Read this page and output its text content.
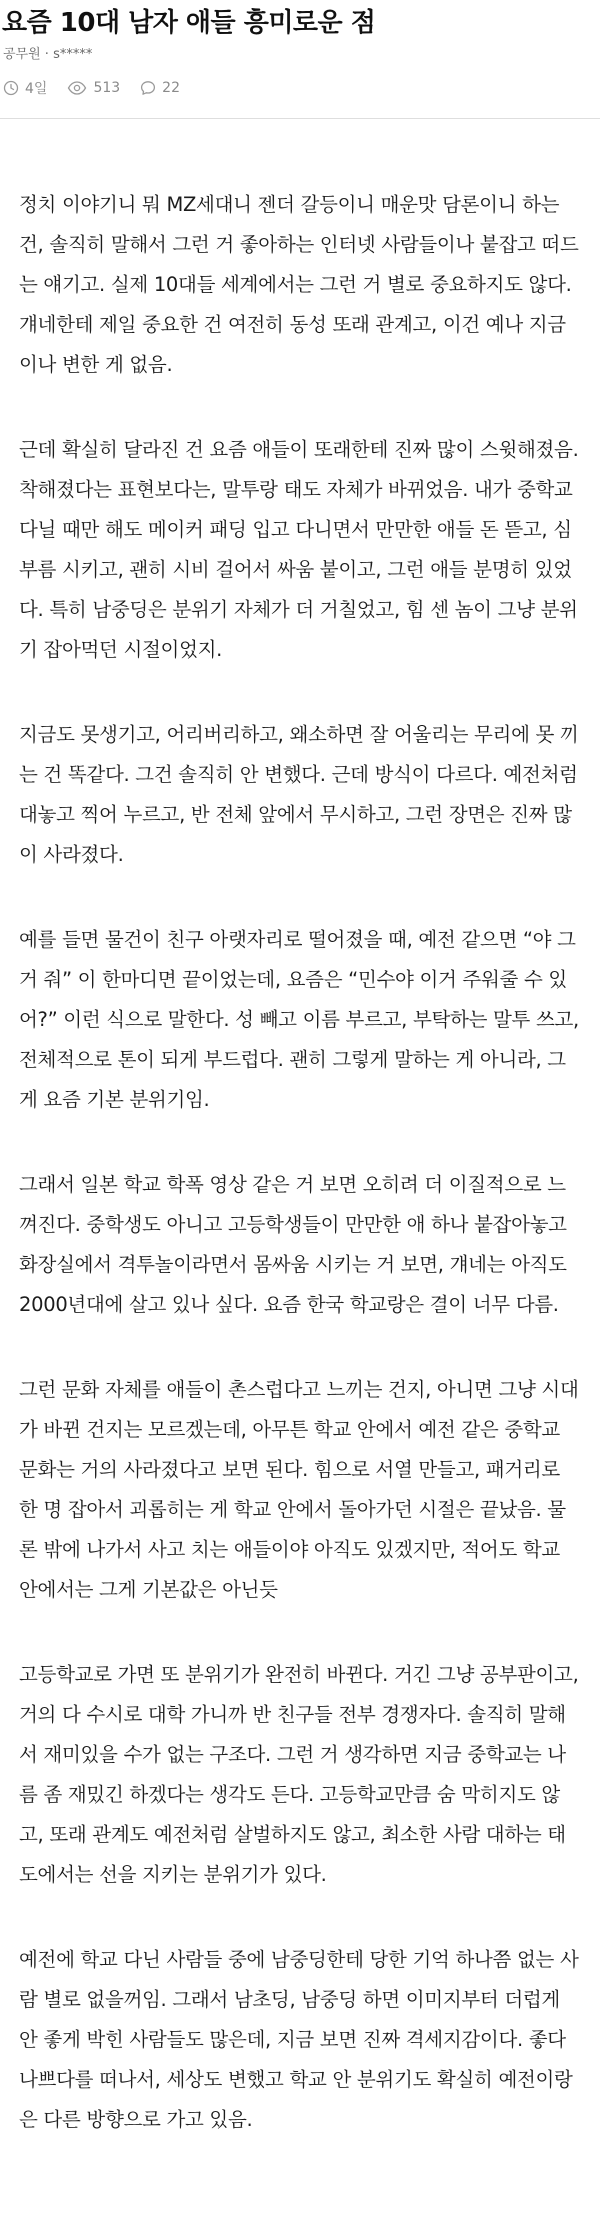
요즘 10대 남자 애들 흥미로운 점
공무원 · s*****
4일	513	22

정치 이야기니 뭐 MZ세대니 젠더 갈등이니 매운맛 담론이니 하는 건, 솔직히 말해서 그런 거 좋아하는 인터넷 사람들이나 붙잡고 떠드는 얘기고. 실제 10대들 세계에서는 그런 거 별로 중요하지도 않다. 걔네한테 제일 중요한 건 여전히 동성 또래 관계고, 이건 예나 지금이나 변한 게 없음.

근데 확실히 달라진 건 요즘 애들이 또래한테 진짜 많이 스윗해졌음. 착해졌다는 표현보다는, 말투랑 태도 자체가 바뀌었음. 내가 중학교 다닐 때만 해도 메이커 패딩 입고 다니면서 만만한 애들 돈 뜯고, 심부름 시키고, 괜히 시비 걸어서 싸움 붙이고, 그런 애들 분명히 있었다. 특히 남중딩은 분위기 자체가 더 거칠었고, 힘 센 놈이 그냥 분위기 잡아먹던 시절이었지.

지금도 못생기고, 어리버리하고, 왜소하면 잘 어울리는 무리에 못 끼는 건 똑같다. 그건 솔직히 안 변했다. 근데 방식이 다르다. 예전처럼 대놓고 찍어 누르고, 반 전체 앞에서 무시하고, 그런 장면은 진짜 많이 사라졌다.

예를 들면 물건이 친구 아랫자리로 떨어졌을 때, 예전 같으면 “야 그거 줘” 이 한마디면 끝이었는데, 요즘은 “민수야 이거 주워줄 수 있어?” 이런 식으로 말한다. 성 빼고 이름 부르고, 부탁하는 말투 쓰고, 전체적으로 톤이 되게 부드럽다. 괜히 그렇게 말하는 게 아니라, 그게 요즘 기본 분위기임.

그래서 일본 학교 학폭 영상 같은 거 보면 오히려 더 이질적으로 느껴진다. 중학생도 아니고 고등학생들이 만만한 애 하나 붙잡아놓고 화장실에서 격투놀이라면서 몸싸움 시키는 거 보면, 걔네는 아직도 2000년대에 살고 있나 싶다. 요즘 한국 학교랑은 결이 너무 다름.

그런 문화 자체를 애들이 촌스럽다고 느끼는 건지, 아니면 그냥 시대가 바뀐 건지는 모르겠는데, 아무튼 학교 안에서 예전 같은 중학교 문화는 거의 사라졌다고 보면 된다. 힘으로 서열 만들고, 패거리로 한 명 잡아서 괴롭히는 게 학교 안에서 돌아가던 시절은 끝났음. 물론 밖에 나가서 사고 치는 애들이야 아직도 있겠지만, 적어도 학교 안에서는 그게 기본값은 아닌듯

고등학교로 가면 또 분위기가 완전히 바뀐다. 거긴 그냥 공부판이고, 거의 다 수시로 대학 가니까 반 친구들 전부 경쟁자다. 솔직히 말해서 재미있을 수가 없는 구조다. 그런 거 생각하면 지금 중학교는 나름 좀 재밌긴 하겠다는 생각도 든다. 고등학교만큼 숨 막히지도 않고, 또래 관계도 예전처럼 살벌하지도 않고, 최소한 사람 대하는 태도에서는 선을 지키는 분위기가 있다.

예전에 학교 다닌 사람들 중에 남중딩한테 당한 기억 하나쯤 없는 사람 별로 없을꺼임. 그래서 남초딩, 남중딩 하면 이미지부터 더럽게 안 좋게 박힌 사람들도 많은데, 지금 보면 진짜 격세지감이다. 좋다 나쁘다를 떠나서, 세상도 변했고 학교 안 분위기도 확실히 예전이랑은 다른 방향으로 가고 있음.
